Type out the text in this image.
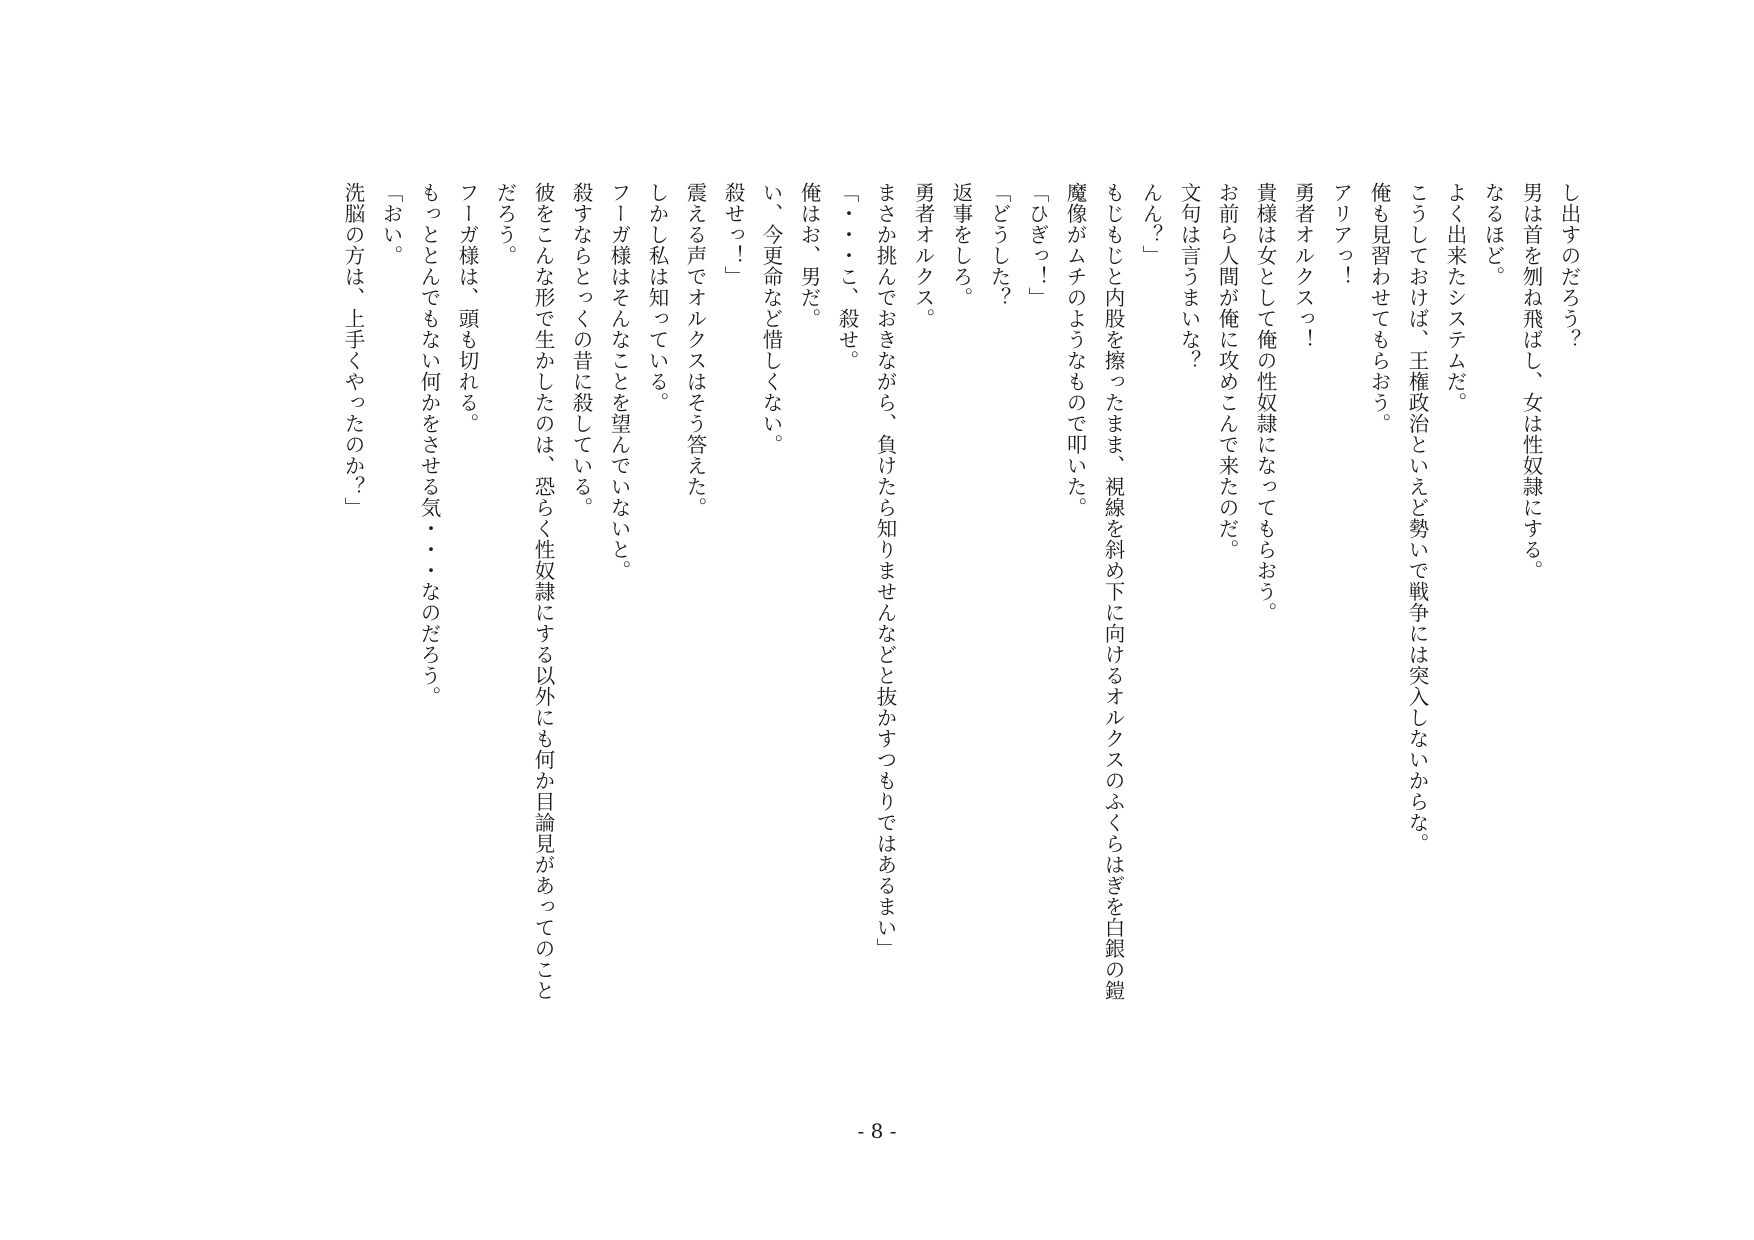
し出すのだろう？
男は首を刎ね飛ばし、女は性奴隷にする。
なるほど。
よく出来たシステムだ。
こうしておけば、王権政治といえど勢いで戦争には突入しないからな。
俺も見習わせてもらおう。
アリアっ！
勇者オルクスっ！
貴様は女として俺の性奴隷になってもらおう。
お前ら人間が俺に攻めこんで来たのだ。
文句は言うまいな？
んん？」
もじもじと内股を擦ったまま、視線を斜め下に向けるオルクスのふくらはぎを白銀の鎧
魔像がムチのようなもので叩いた。
「ひぎっ！」
「どうした？
返事をしろ。
勇者オルクス。
まさか挑んでおきながら、負けたら知りませんなどと抜かすつもりではあるまい」
「・・・こ、殺せ。
俺はお、男だ。
い、今更命など惜しくない。
殺せっ！」
震える声でオルクスはそう答えた。
しかし私は知っている。
フーガ様はそんなことを望んでいないと。
殺すならとっくの昔に殺している。
彼をこんな形で生かしたのは、恐らく性奴隷にする以外にも何か目論見があってのこと
だろう。
フーガ様は、頭も切れる。
もっととんでもない何かをさせる気・・・なのだろう。
「おい。
洗脳の方は、上手くやったのか？」
- 8 -
